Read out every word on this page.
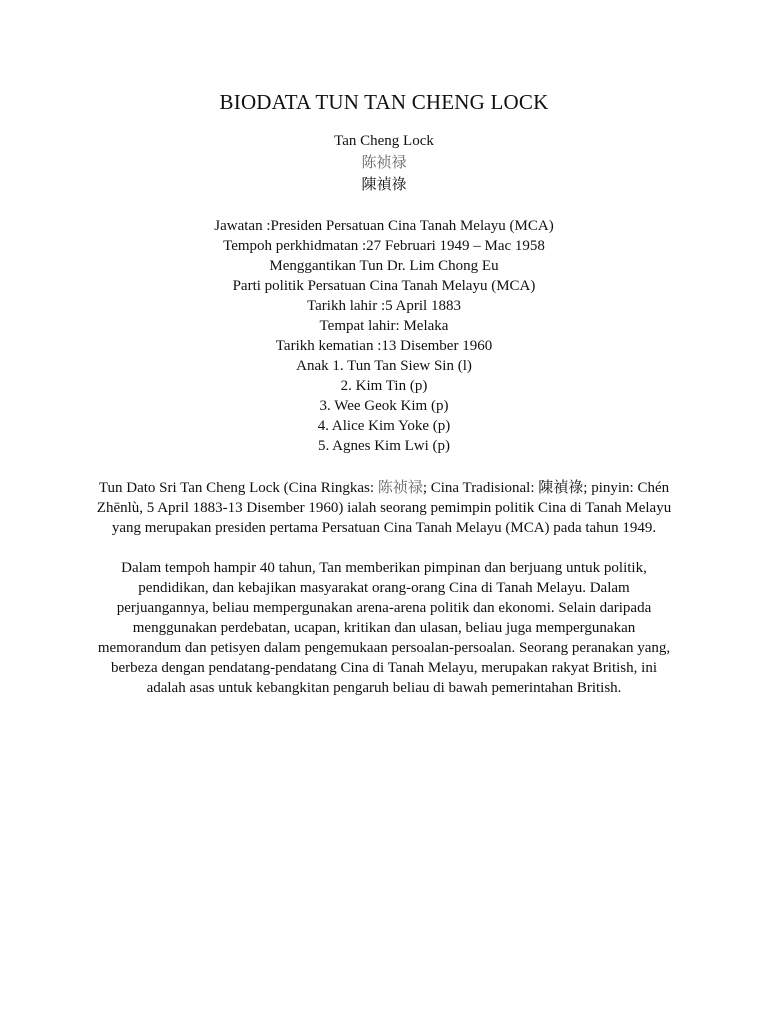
BIODATA TUN TAN CHENG LOCK
Tan Cheng Lock
陈祯禄
陳禎祿
Jawatan :Presiden Persatuan Cina Tanah Melayu (MCA)
Tempoh perkhidmatan :27 Februari 1949 – Mac 1958
Menggantikan Tun Dr. Lim Chong Eu
Parti politik Persatuan Cina Tanah Melayu (MCA)
Tarikh lahir :5 April 1883
Tempat lahir: Melaka
Tarikh kematian :13 Disember 1960
Anak 1. Tun Tan Siew Sin (l)
2. Kim Tin (p)
3. Wee Geok Kim (p)
4. Alice Kim Yoke (p)
5. Agnes Kim Lwi (p)
Tun Dato Sri Tan Cheng Lock (Cina Ringkas: 陈祯禄; Cina Tradisional: 陳禎祿; pinyin: Chén
Zhēnlù, 5 April 1883-13 Disember 1960) ialah seorang pemimpin politik Cina di Tanah Melayu
yang merupakan presiden pertama Persatuan Cina Tanah Melayu (MCA) pada tahun 1949.
Dalam tempoh hampir 40 tahun, Tan memberikan pimpinan dan berjuang untuk politik,
pendidikan, dan kebajikan masyarakat orang-orang Cina di Tanah Melayu. Dalam
perjuangannya, beliau mempergunakan arena-arena politik dan ekonomi. Selain daripada
menggunakan perdebatan, ucapan, kritikan dan ulasan, beliau juga mempergunakan
memorandum dan petisyen dalam pengemukaan persoalan-persoalan. Seorang peranakan yang,
berbeza dengan pendatang-pendatang Cina di Tanah Melayu, merupakan rakyat British, ini
adalah asas untuk kebangkitan pengaruh beliau di bawah pemerintahan British.
